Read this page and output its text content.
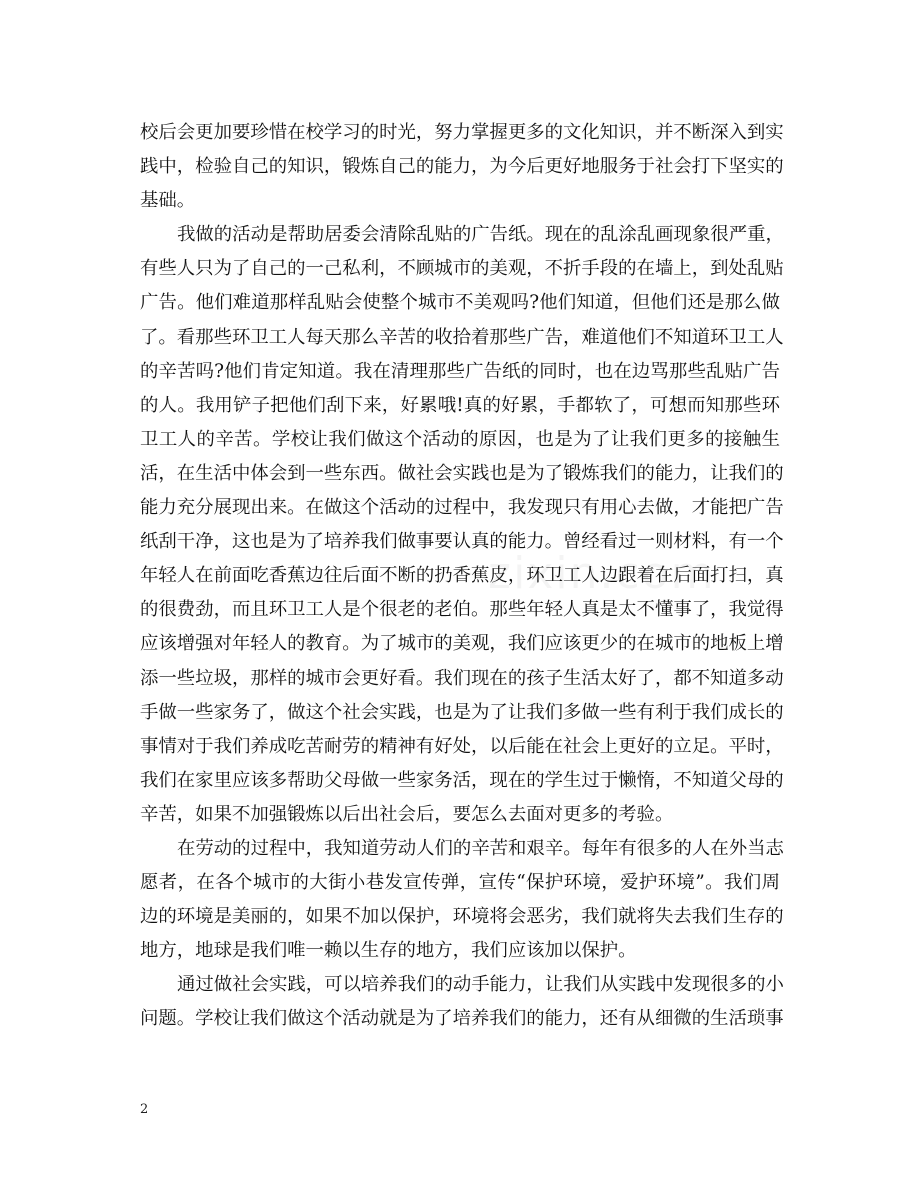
校后会更加要珍惜在校学习的时光，努力掌握更多的文化知识，并不断深入到实
践中，检验自己的知识，锻炼自己的能力，为今后更好地服务于社会打下坚实的
基础。
我做的活动是帮助居委会清除乱贴的广告纸。现在的乱涂乱画现象很严重，
有些人只为了自己的一己私利，不顾城市的美观，不折手段的在墙上，到处乱贴
广告。他们难道那样乱贴会使整个城市不美观吗?他们知道，但他们还是那么做
了。看那些环卫工人每天那么辛苦的收拾着那些广告，难道他们不知道环卫工人
的辛苦吗?他们肯定知道。我在清理那些广告纸的同时，也在边骂那些乱贴广告
的人。我用铲子把他们刮下来，好累哦!真的好累，手都软了，可想而知那些环
卫工人的辛苦。学校让我们做这个活动的原因，也是为了让我们更多的接触生
活，在生活中体会到一些东西。做社会实践也是为了锻炼我们的能力，让我们的
能力充分展现出来。在做这个活动的过程中，我发现只有用心去做，才能把广告
纸刮干净，这也是为了培养我们做事要认真的能力。曾经看过一则材料，有一个
年轻人在前面吃香蕉边往后面不断的扔香蕉皮，环卫工人边跟着在后面打扫，真
的很费劲，而且环卫工人是个很老的老伯。那些年轻人真是太不懂事了，我觉得
应该增强对年轻人的教育。为了城市的美观，我们应该更少的在城市的地板上增
添一些垃圾，那样的城市会更好看。我们现在的孩子生活太好了，都不知道多动
手做一些家务了，做这个社会实践，也是为了让我们多做一些有利于我们成长的
事情对于我们养成吃苦耐劳的精神有好处，以后能在社会上更好的立足。平时，
我们在家里应该多帮助父母做一些家务活，现在的学生过于懒惰，不知道父母的
辛苦，如果不加强锻炼以后出社会后，要怎么去面对更多的考验。
在劳动的过程中，我知道劳动人们的辛苦和艰辛。每年有很多的人在外当志
愿者，在各个城市的大街小巷发宣传弹，宣传“保护环境，爱护环境”。我们周
边的环境是美丽的，如果不加以保护，环境将会恶劣，我们就将失去我们生存的
地方，地球是我们唯一赖以生存的地方，我们应该加以保护。
通过做社会实践，可以培养我们的动手能力，让我们从实践中发现很多的小
问题。学校让我们做这个活动就是为了培养我们的能力，还有从细微的生活琐事
2
